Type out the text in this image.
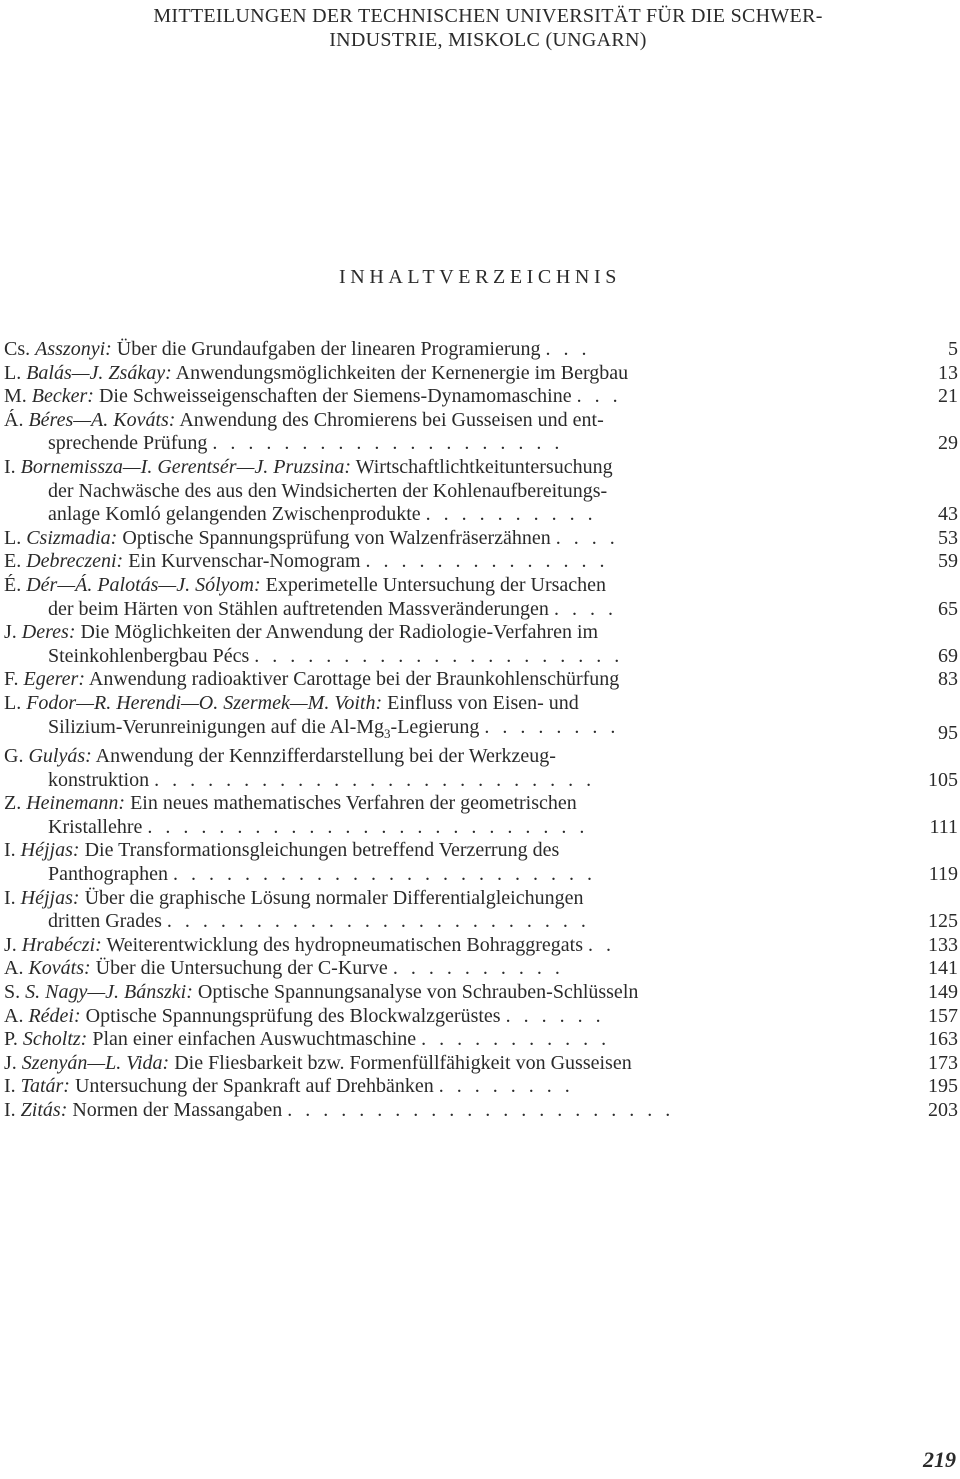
MITTEILUNGEN DER TECHNISCHEN UNIVERSITÄT FÜR DIE SCHWER-
INDUSTRIE, MISKOLC (UNGARN)
Cs. Asszonyi: Über die Grundaufgaben der linearen Programierung . . .	5
L. Balás—J. Zsákay: Anwendungsmöglichkeiten der Kernenergie im Bergbau	13
M. Becker: Die Schweisseigenschaften der Siemens-Dynamomaschine . . .	21
Á. Béres—A. Kováts: Anwendung des Chromierens bei Gusseisen und ent-
sprechende Prüfung . . . . . . . . . . . . . . . . . . . .	29
I. Bornemissza—I. Gerentsér—J. Pruzsina: Wirtschaftlichtkeituntersuchung
der Nachwäsche des aus den Windsicherten der Kohlenaufbereitungs-
anlage Komló gelangenden Zwischenprodukte . . . . . . . . . .	43
L. Csizmadia: Optische Spannungsprüfung von Walzenfräserzähnen . . . .	53
E. Debreczeni: Ein Kurvenschar-Nomogram . . . . . . . . . . . . . .	59
É. Dér—Á. Palotás—J. Sólyom: Experimetelle Untersuchung der Ursachen
der beim Härten von Stählen auftretenden Massveränderungen . . . .	65
J. Deres: Die Möglichkeiten der Anwendung der Radiologie-Verfahren im
Steinkohlenbergbau Pécs . . . . . . . . . . . . . . . . . . . . .	69
F. Egerer: Anwendung radioaktiver Carottage bei der Braunkohlenschürfung	83
L. Fodor—R. Herendi—O. Szermek—M. Voith: Einfluss von Eisen- und
Silizium-Verunreinigungen auf die $Al-Mg_3$-Legierung . . . . . . . .	95
G. Gulyás: Anwendung der Kennzifferdarstellung bei der Werkzeug-
konstruktion . . . . . . . . . . . . . . . . . . . . . . . . .	105
Z. Heinemann: Ein neues mathematisches Verfahren der geometrischen
Kristallehre . . . . . . . . . . . . . . . . . . . . . . . . .	111
I. Héjjas: Die Transformationsgleichungen betreffend Verzerrung des
Panthographen . . . . . . . . . . . . . . . . . . . . . . . .	119
I. Héjjas: Über die graphische Lösung normaler Differentialgleichungen
dritten Grades . . . . . . . . . . . . . . . . . . . . . . . .	125
J. Hrabéczi: Weiterentwicklung des hydropneumatischen Bohraggregats . .	133
A. Kováts: Über die Untersuchung der C-Kurve . . . . . . . . . .	141
S. S. Nagy—J. Bánszki: Optische Spannungsanalyse von Schrauben-Schlüsseln	149
A. Rédei: Optische Spannungsprüfung des Blockwalzgerüstes . . . . . .	157
P. Scholtz: Plan einer einfachen Auswuchtmaschine . . . . . . . . . . .	163
J. Szenyán—L. Vida: Die Fliesbarkeit bzw. Formenfüllfähigkeit von Gusseisen	173
I. Tatár: Untersuchung der Spankraft auf Drehbänken . . . . . . . .	195
I. Zitás: Normen der Massangaben . . . . . . . . . . . . . . . . . . . . . .	203
219
INHALTVERZEICHNIS
